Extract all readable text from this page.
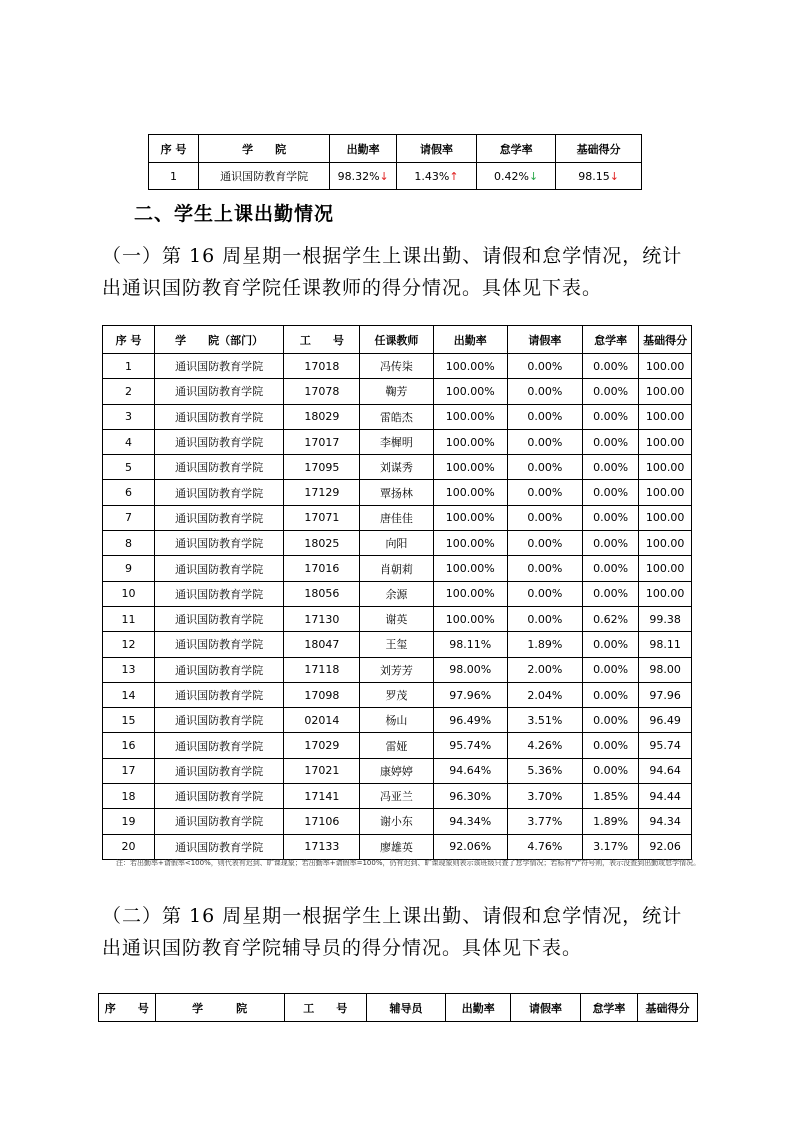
序 号	学　　院	出勤率	请假率	怠学率	基础得分
1	通识国防教育学院	98.32%↓	1.43%↑	0.42%↓	98.15↓
二、学生上课出勤情况
（一）第 16 周星期一根据学生上课出勤、请假和怠学情况，统计出通识国防教育学院任课教师的得分情况。具体见下表。
序 号	学　　院（部门）	工　　号	任课教师	出勤率	请假率	怠学率	基础得分
1	通识国防教育学院	17018	冯传柒	100.00%	0.00%	0.00%	100.00
2	通识国防教育学院	17078	鞠芳	100.00%	0.00%	0.00%	100.00
3	通识国防教育学院	18029	雷皓杰	100.00%	0.00%	0.00%	100.00
4	通识国防教育学院	17017	李樨明	100.00%	0.00%	0.00%	100.00
5	通识国防教育学院	17095	刘谋秀	100.00%	0.00%	0.00%	100.00
6	通识国防教育学院	17129	覃扬林	100.00%	0.00%	0.00%	100.00
7	通识国防教育学院	17071	唐佳佳	100.00%	0.00%	0.00%	100.00
8	通识国防教育学院	18025	向阳	100.00%	0.00%	0.00%	100.00
9	通识国防教育学院	17016	肖朝莉	100.00%	0.00%	0.00%	100.00
10	通识国防教育学院	18056	余源	100.00%	0.00%	0.00%	100.00
11	通识国防教育学院	17130	谢英	100.00%	0.00%	0.62%	99.38
12	通识国防教育学院	18047	王玺	98.11%	1.89%	0.00%	98.11
13	通识国防教育学院	17118	刘芳芳	98.00%	2.00%	0.00%	98.00
14	通识国防教育学院	17098	罗茂	97.96%	2.04%	0.00%	97.96
15	通识国防教育学院	02014	杨山	96.49%	3.51%	0.00%	96.49
16	通识国防教育学院	17029	雷娅	95.74%	4.26%	0.00%	95.74
17	通识国防教育学院	17021	康婷婷	94.64%	5.36%	0.00%	94.64
18	通识国防教育学院	17141	冯亚兰	96.30%	3.70%	1.85%	94.44
19	通识国防教育学院	17106	谢小东	94.34%	3.77%	1.89%	94.34
20	通识国防教育学院	17133	廖雄英	92.06%	4.76%	3.17%	92.06
注：若出勤率+请假率<100%，则代表有迟到、旷课现象；若出勤率+请假率=100%，仍有迟到、旷课现象则表示该班级只查了怠学情况；若标有“/”符号则，表示没查到出勤或怠学情况。
（二）第 16 周星期一根据学生上课出勤、请假和怠学情况，统计出通识国防教育学院辅导员的得分情况。具体见下表。
序　　号	学　　　院	工　　号	辅导员	出勤率	请假率	怠学率	基础得分
